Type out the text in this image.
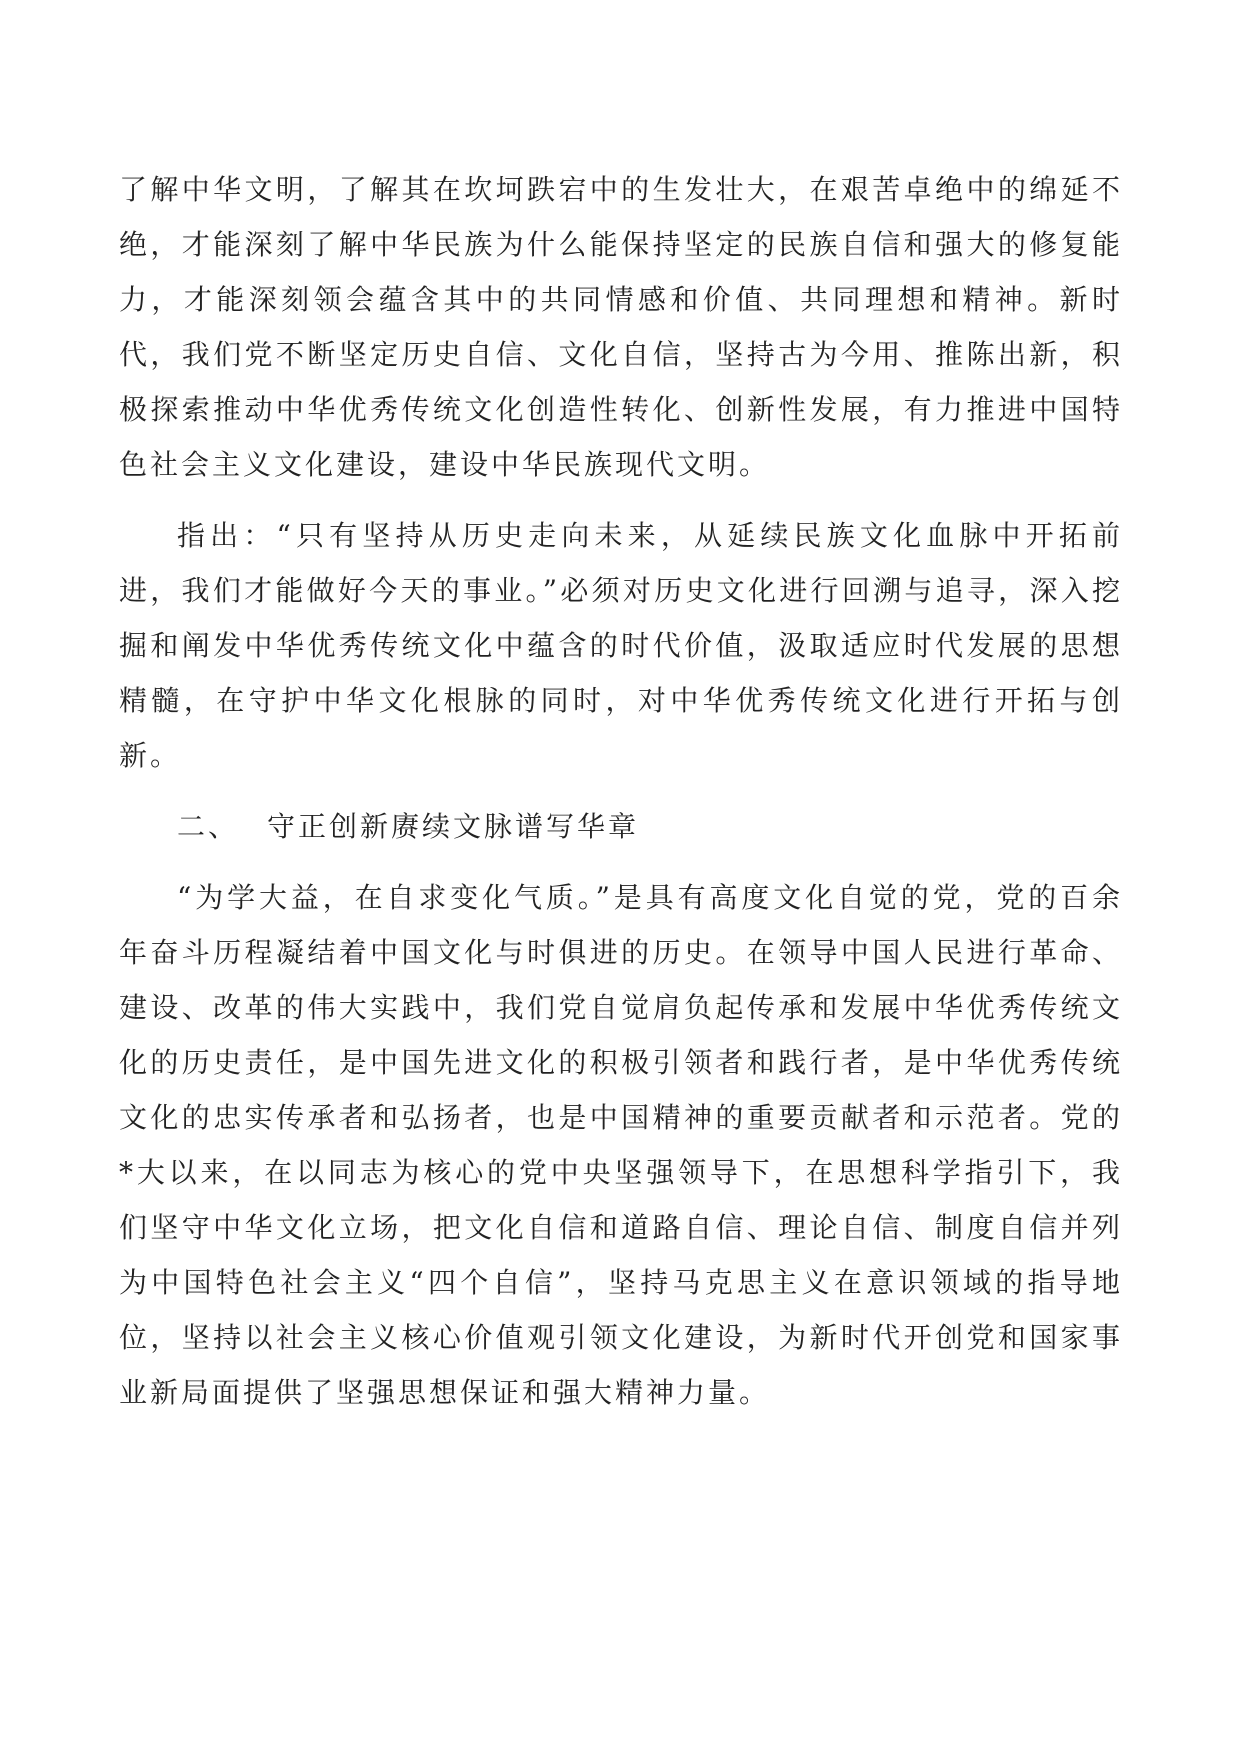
了解中华文明，了解其在坎坷跌宕中的生发壮大，在艰苦卓绝中的绵延不绝，才能深刻了解中华民族为什么能保持坚定的民族自信和强大的修复能力，才能深刻领会蕴含其中的共同情感和价值、共同理想和精神。新时代，我们党不断坚定历史自信、文化自信，坚持古为今用、推陈出新，积极探索推动中华优秀传统文化创造性转化、创新性发展，有力推进中国特色社会主义文化建设，建设中华民族现代文明。

指出：“只有坚持从历史走向未来，从延续民族文化血脉中开拓前进，我们才能做好今天的事业。”必须对历史文化进行回溯与追寻，深入挖掘和阐发中华优秀传统文化中蕴含的时代价值，汲取适应时代发展的思想精髓，在守护中华文化根脉的同时，对中华优秀传统文化进行开拓与创新。

二、 守正创新赓续文脉谱写华章

“为学大益，在自求变化气质。”是具有高度文化自觉的党，党的百余年奋斗历程凝结着中国文化与时俱进的历史。在领导中国人民进行革命、建设、改革的伟大实践中，我们党自觉肩负起传承和发展中华优秀传统文化的历史责任，是中国先进文化的积极引领者和践行者，是中华优秀传统文化的忠实传承者和弘扬者，也是中国精神的重要贡献者和示范者。党的*大以来，在以同志为核心的党中央坚强领导下，在思想科学指引下，我们坚守中华文化立场，把文化自信和道路自信、理论自信、制度自信并列为中国特色社会主义“四个自信”，坚持马克思主义在意识领域的指导地位，坚持以社会主义核心价值观引领文化建设，为新时代开创党和国家事业新局面提供了坚强思想保证和强大精神力量。
